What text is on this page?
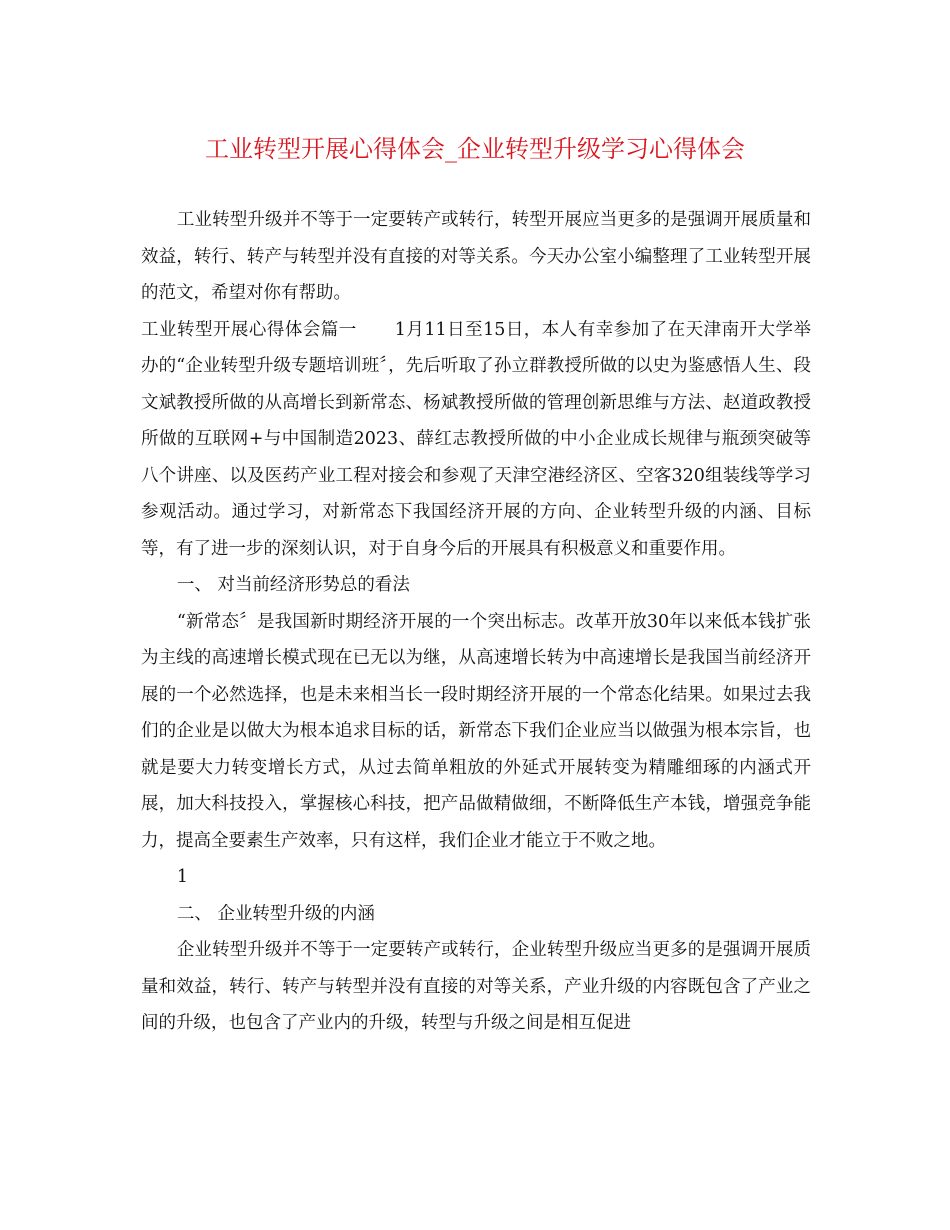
工业转型开展心得体会_企业转型升级学习心得体会

工业转型升级并不等于一定要转产或转行，转型开展应当更多的是强调开展质量和效益，转行、转产与转型并没有直接的对等关系。今天办公室小编整理了工业转型开展的范文，希望对你有帮助。

工业转型开展心得体会篇一 1月11日至15日，本人有幸参加了在天津南开大学举办的“企业转型升级专题培训班〞，先后听取了孙立群教授所做的以史为鉴感悟人生、段文斌教授所做的从高增长到新常态、杨斌教授所做的管理创新思维与方法、赵道政教授所做的互联网+与中国制造2023、薛红志教授所做的中小企业成长规律与瓶颈突破等八个讲座、以及医药产业工程对接会和参观了天津空港经济区、空客320组装线等学习参观活动。通过学习，对新常态下我国经济开展的方向、企业转型升级的内涵、目标等，有了进一步的深刻认识，对于自身今后的开展具有积极意义和重要作用。

一、 对当前经济形势总的看法

“新常态〞是我国新时期经济开展的一个突出标志。改革开放30年以来低本钱扩张为主线的高速增长模式现在已无以为继，从高速增长转为中高速增长是我国当前经济开展的一个必然选择，也是未来相当长一段时期经济开展的一个常态化结果。如果过去我们的企业是以做大为根本追求目标的话，新常态下我们企业应当以做强为根本宗旨，也就是要大力转变增长方式，从过去简单粗放的外延式开展转变为精雕细琢的内涵式开展，加大科技投入，掌握核心科技，把产品做精做细，不断降低生产本钱，增强竞争能力，提高全要素生产效率，只有这样，我们企业才能立于不败之地。

1

二、 企业转型升级的内涵

企业转型升级并不等于一定要转产或转行，企业转型升级应当更多的是强调开展质量和效益，转行、转产与转型并没有直接的对等关系，产业升级的内容既包含了产业之间的升级，也包含了产业内的升级，转型与升级之间是相互促进
